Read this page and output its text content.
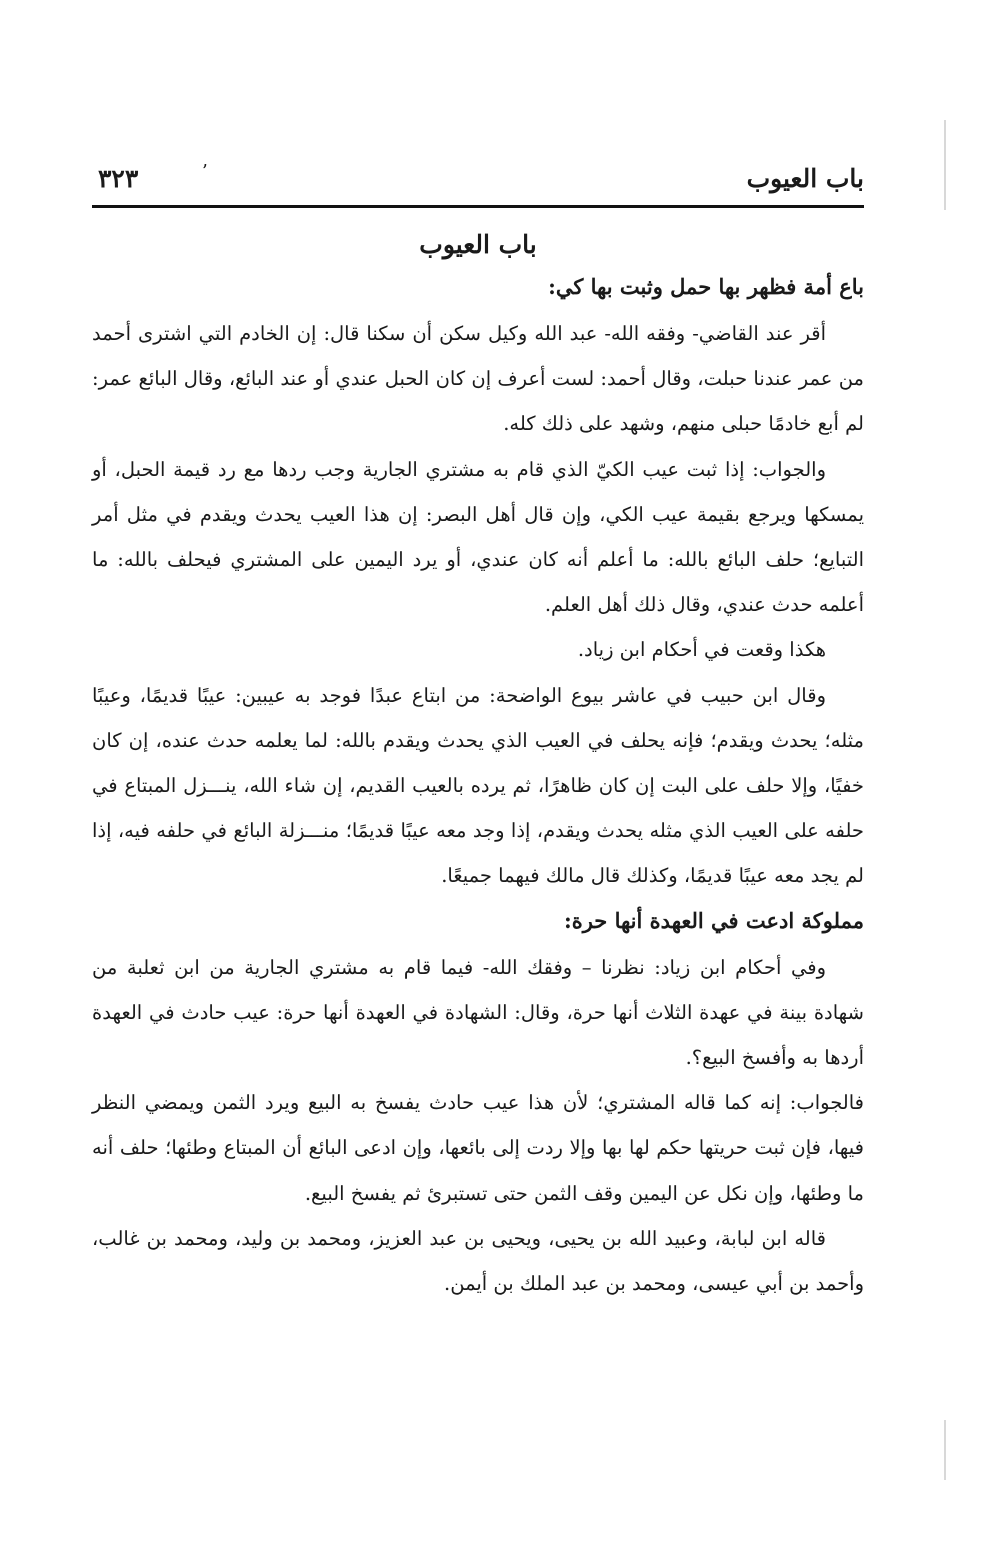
باب العيوب
’
٣٢٣
باب العيوب
باع أمة فظهر بها حمل وثبت بها كي:

أقر عند القاضي- وفقه الله- عبد الله وكيل سكن أن سكنا قال: إن الخادم التي اشترى أحمد من عمر عندنا حبلت، وقال أحمد: لست أعرف إن كان الحبل عندي أو عند البائع، وقال البائع عمر: لم أبع خادمًا حبلى منهم، وشهد على ذلك كله.

والجواب: إذا ثبت عيب الكيّ الذي قام به مشتري الجارية وجب ردها مع رد قيمة الحبل، أو يمسكها ويرجع بقيمة عيب الكي، وإن قال أهل البصر: إن هذا العيب يحدث ويقدم في مثل أمر التبايع؛ حلف البائع بالله: ما أعلم أنه كان عندي، أو يرد اليمين على المشتري فيحلف بالله: ما أعلمه حدث عندي، وقال ذلك أهل العلم.

هكذا وقعت في أحكام ابن زياد.

وقال ابن حبيب في عاشر بيوع الواضحة: من ابتاع عبدًا فوجد به عيبين: عيبًا قديمًا، وعيبًا مثله؛ يحدث ويقدم؛ فإنه يحلف في العيب الذي يحدث ويقدم بالله: لما يعلمه حدث عنده، إن كان خفيًا، وإلا حلف على البت إن كان ظاهرًا، ثم يرده بالعيب القديم، إن شاء الله، ينـــزل المبتاع في حلفه على العيب الذي مثله يحدث ويقدم، إذا وجد معه عيبًا قديمًا؛ منـــزلة البائع في حلفه فيه، إذا لم يجد معه عيبًا قديمًا، وكذلك قال مالك فيهما جميعًا.

مملوكة ادعت في العهدة أنها حرة:

وفي أحكام ابن زياد: نظرنا – وفقك الله- فيما قام به مشتري الجارية من ابن ثعلبة من شهادة بينة في عهدة الثلاث أنها حرة، وقال: الشهادة في العهدة أنها حرة: عيب حادث في العهدة أردها به وأفسخ البيع؟.

فالجواب: إنه كما قاله المشتري؛ لأن هذا عيب حادث يفسخ به البيع ويرد الثمن ويمضي النظر فيها، فإن ثبت حريتها حكم لها بها وإلا ردت إلى بائعها، وإن ادعى البائع أن المبتاع وطئها؛ حلف أنه ما وطئها، وإن نكل عن اليمين وقف الثمن حتى تستبرئ ثم يفسخ البيع.

قاله ابن لبابة، وعبيد الله بن يحيى، ويحيى بن عبد العزيز، ومحمد بن وليد، ومحمد بن غالب، وأحمد بن أبي عيسى، ومحمد بن عبد الملك بن أيمن.
